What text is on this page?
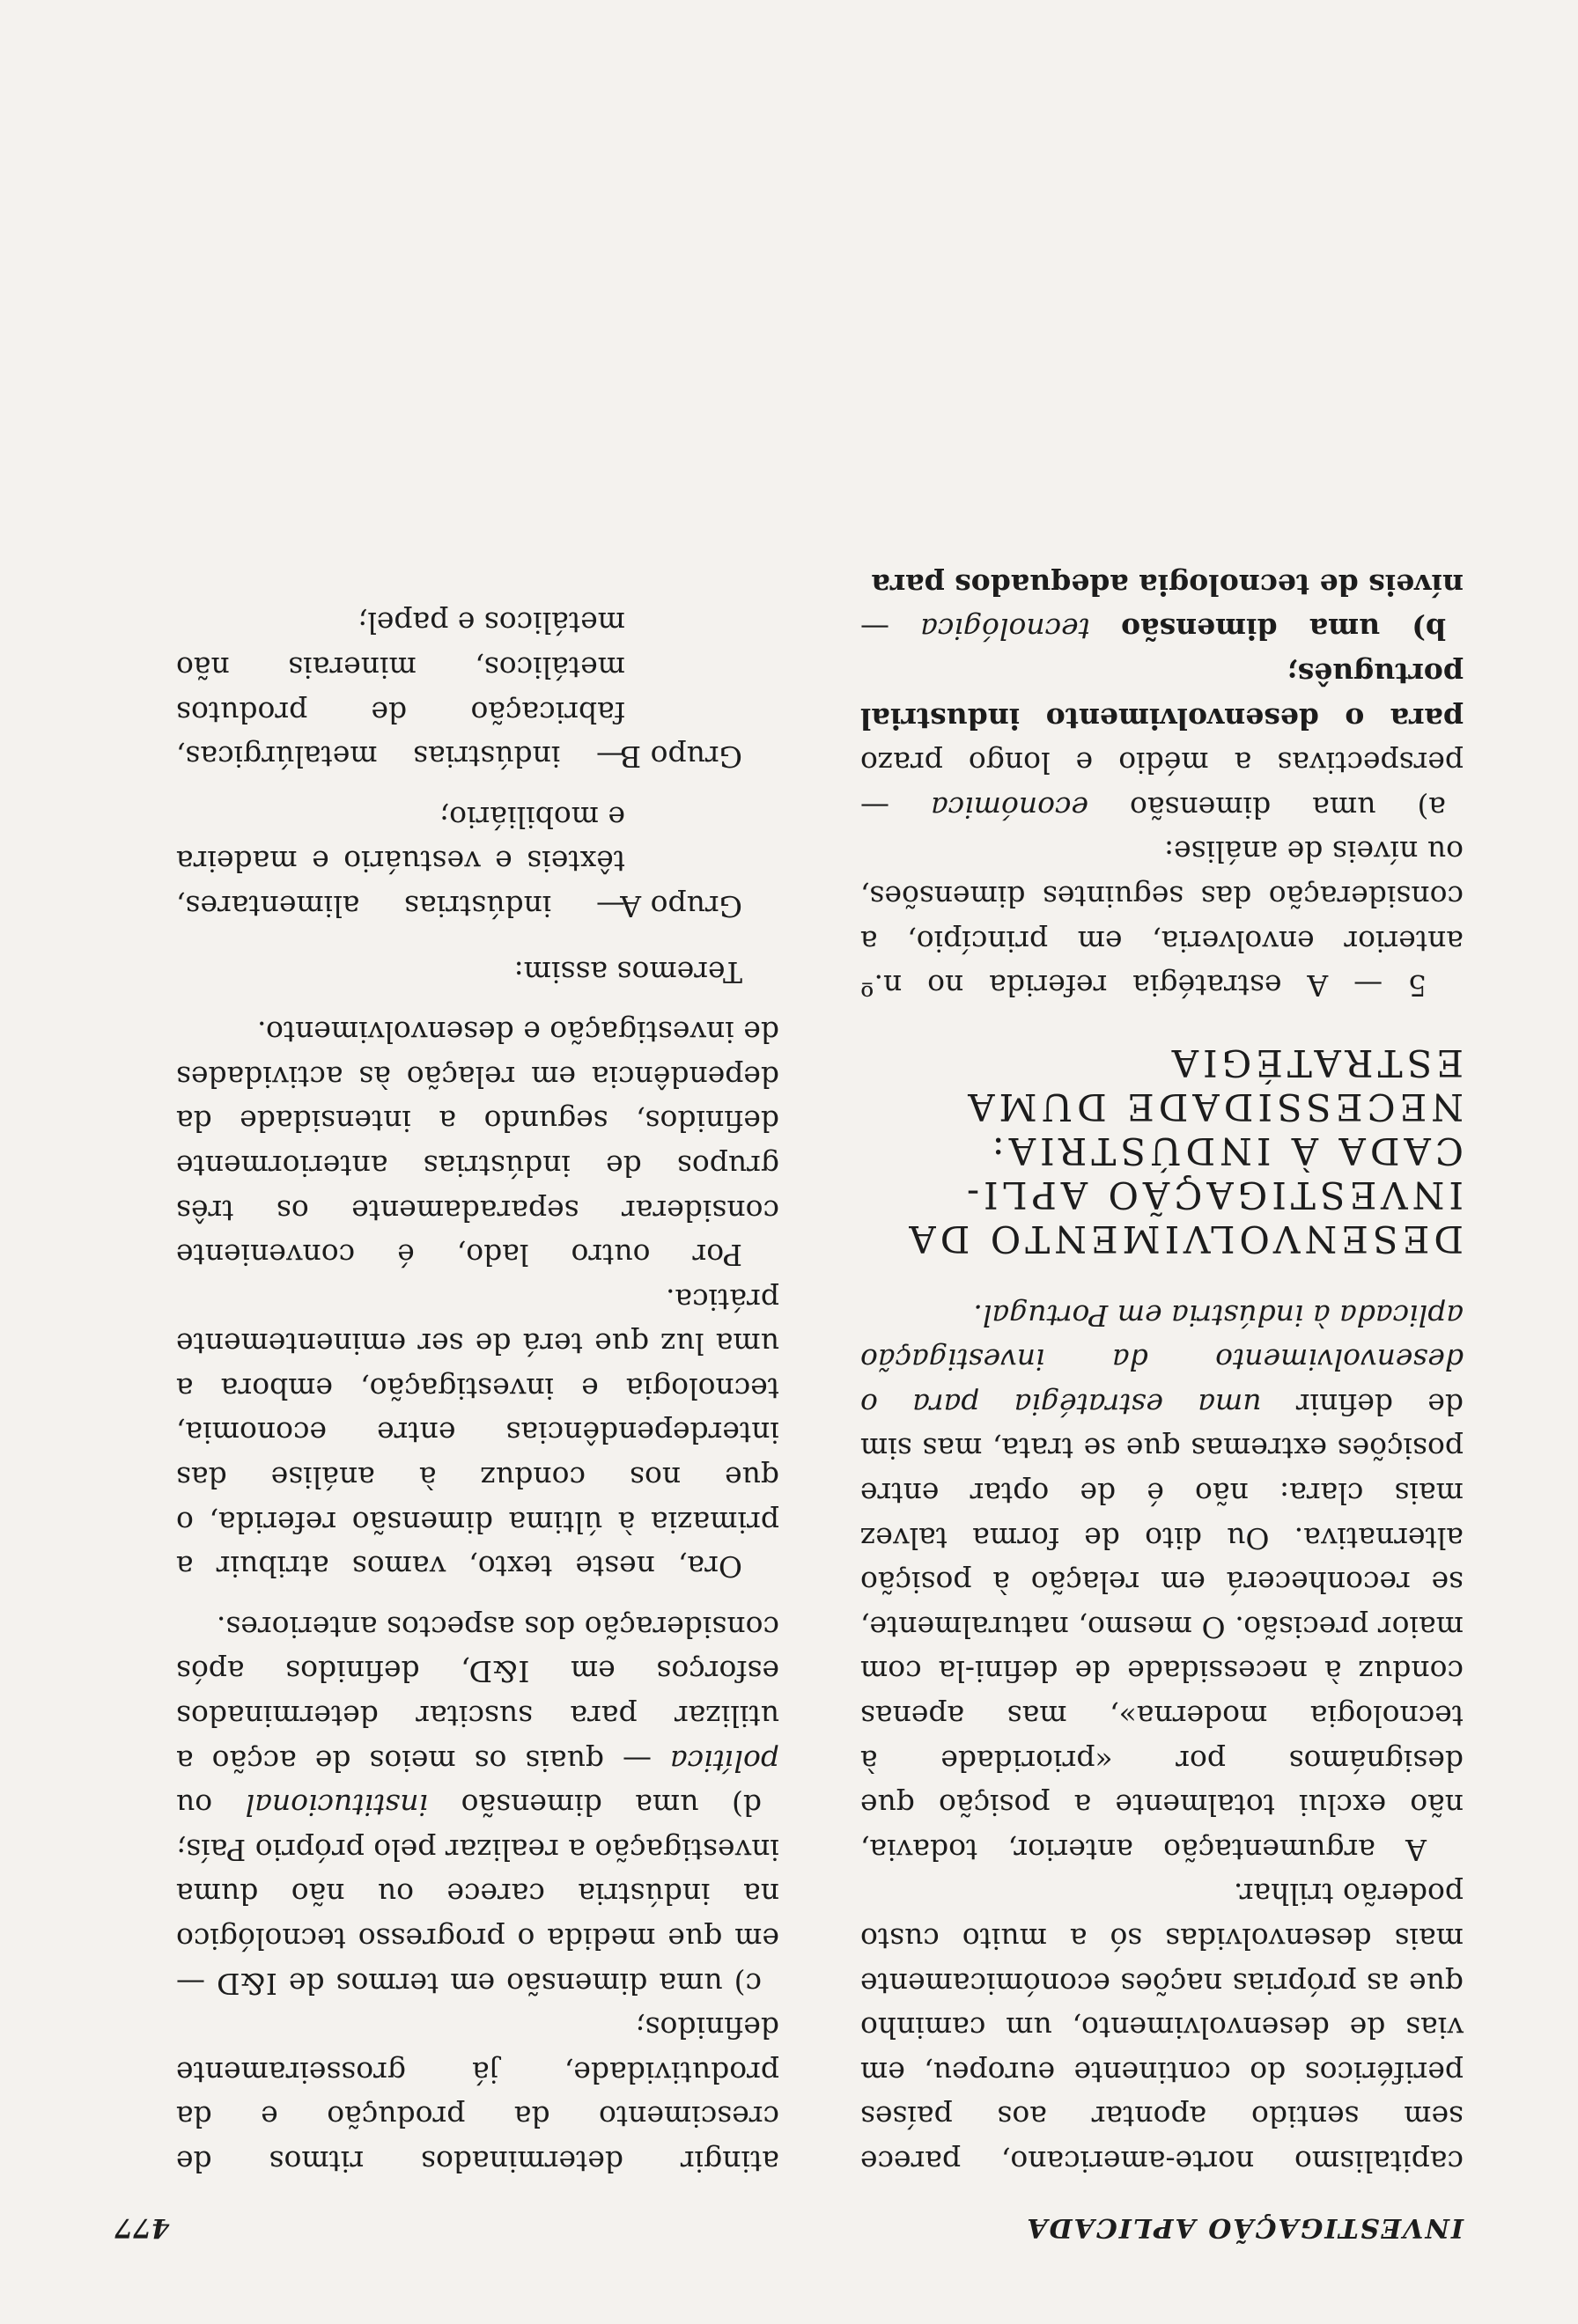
INVESTIGAÇÃO APLICADA
477

capitalismo norte-americano, parece sem sentido apontar aos países periféricos do continente europeu, em vias de desenvolvimento, um caminho que as próprias nações económicamente mais desenvolvidas só a muito custo poderão trilhar.

A argumentação anterior, todavia, não exclui totalmente a posição que designámos por «prioridade à tecnologia moderna», mas apenas conduz à necessidade de defini-la com maior precisão. O mesmo, naturalmente, se reconhecerá em relação à posição alternativa. Ou dito de forma talvez mais clara: não é de optar entre posições extremas que se trata, mas sim de definir uma estratégia para o desenvolvimento da investigação aplicada à indústria em Portugal.

DESENVOLVIMENTO DA
INVESTIGAÇÃO APLI-
CADA À INDÚSTRIA:
NECESSIDADE DUMA
ESTRATÉGIA

5 — A estratégia referida no n.º anterior envolveria, em princípio, a consideração das seguintes dimensões, ou níveis de análise:

a) uma dimensão económica — perspectivas a médio e longo prazo para o desenvolvimento industrial português;

b) uma dimensão tecnológica — níveis de tecnologia adequados para

atingir determinados ritmos de crescimento da produção e da produtividade, já grosseiramente definidos;

c) uma dimensão em termos de I&D — em que medida o progresso tecnológico na indústria carece ou não duma investigação a realizar pelo próprio País;

d) uma dimensão institucional ou política — quais os meios de acção a utilizar para suscitar determinados esforços em I&D, definidos após consideração dos aspectos anteriores.

Ora, neste texto, vamos atribuir a primazia à última dimensão referida, o que nos conduz à análise das interdependências entre economia, tecnologia e investigação, embora a uma luz que terá de ser eminentemente prática.

Por outro lado, é conveniente considerar separadamente os três grupos de indústrias anteriormente definidos, segundo a intensidade da dependência em relação às actividades de investigação e desenvolvimento.

Teremos assim:

Grupo A
— indústrias alimentares, têxteis e vestuário e madeira e mobiliário;
Grupo B
— indústrias metalúrgicas, fabricação de produtos metálicos, minerais não metálicos e papel;
